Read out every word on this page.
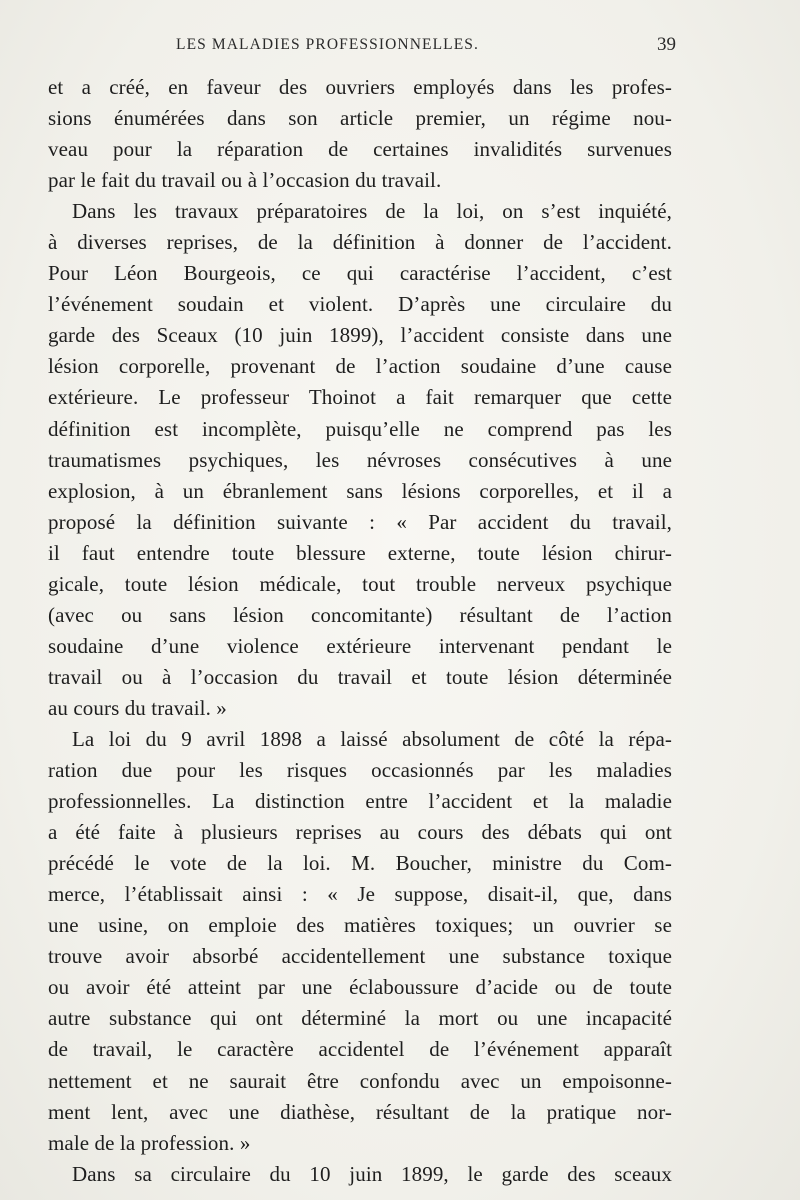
LES MALADIES PROFESSIONNELLES.	39
et a créé, en faveur des ouvriers employés dans les profes-
sions énumérées dans son article premier, un régime nou-
veau pour la réparation de certaines invalidités survenues
par le fait du travail ou à l’occasion du travail.
Dans les travaux préparatoires de la loi, on s’est inquiété,
à diverses reprises, de la définition à donner de l’accident.
Pour Léon Bourgeois, ce qui caractérise l’accident, c’est
l’événement soudain et violent. D’après une circulaire du
garde des Sceaux (10 juin 1899), l’accident consiste dans une
lésion corporelle, provenant de l’action soudaine d’une cause
extérieure. Le professeur Thoinot a fait remarquer que cette
définition est incomplète, puisqu’elle ne comprend pas les
traumatismes psychiques, les névroses consécutives à une
explosion, à un ébranlement sans lésions corporelles, et il a
proposé la définition suivante : « Par accident du travail,
il faut entendre toute blessure externe, toute lésion chirur-
gicale, toute lésion médicale, tout trouble nerveux psychique
(avec ou sans lésion concomitante) résultant de l’action
soudaine d’une violence extérieure intervenant pendant le
travail ou à l’occasion du travail et toute lésion déterminée
au cours du travail. »
La loi du 9 avril 1898 a laissé absolument de côté la répa-
ration due pour les risques occasionnés par les maladies
professionnelles. La distinction entre l’accident et la maladie
a été faite à plusieurs reprises au cours des débats qui ont
précédé le vote de la loi. M. Boucher, ministre du Com-
merce, l’établissait ainsi : « Je suppose, disait-il, que, dans
une usine, on emploie des matières toxiques; un ouvrier se
trouve avoir absorbé accidentellement une substance toxique
ou avoir été atteint par une éclaboussure d’acide ou de toute
autre substance qui ont déterminé la mort ou une incapacité
de travail, le caractère accidentel de l’événement apparaît
nettement et ne saurait être confondu avec un empoisonne-
ment lent, avec une diathèse, résultant de la pratique nor-
male de la profession. »
Dans sa circulaire du 10 juin 1899, le garde des sceaux
